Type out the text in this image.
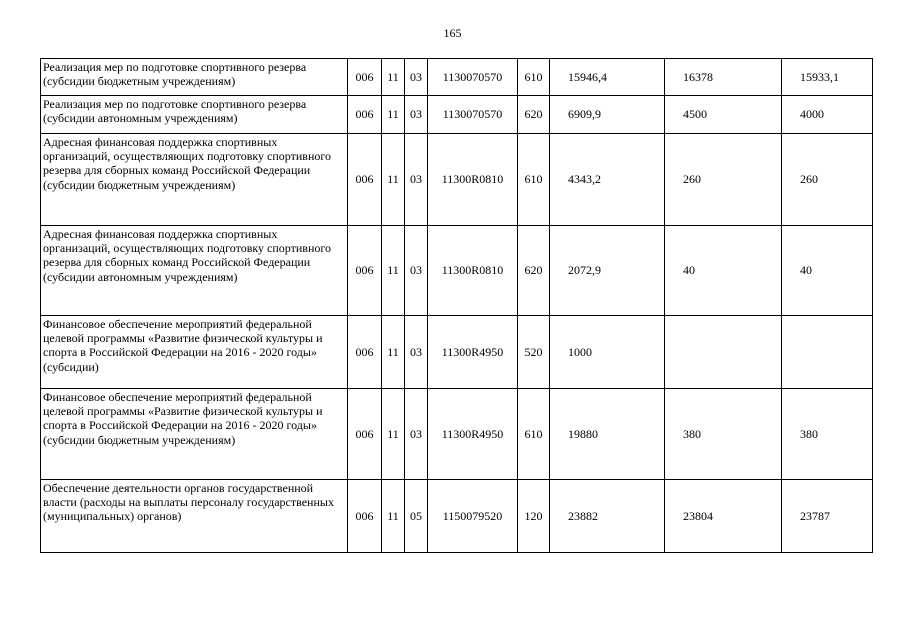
165
Реализация мер по подготовке спортивного резерва (субсидии бюджетным учреждениям)	006	11	03	1130070570	610	15946,4	16378	15933,1
Реализация мер по подготовке спортивного резерва (субсидии автономным учреждениям)	006	11	03	1130070570	620	6909,9	4500	4000
Адресная финансовая поддержка спортивных организаций, осуществляющих подготовку спортивного резерва для сборных команд Российской Федерации (субсидии бюджетным учреждениям)	006	11	03	11300R0810	610	4343,2	260	260
Адресная финансовая поддержка спортивных организаций, осуществляющих подготовку спортивного резерва для сборных команд Российской Федерации (субсидии автономным учреждениям)	006	11	03	11300R0810	620	2072,9	40	40
Финансовое обеспечение мероприятий федеральной целевой программы «Развитие физической культуры и спорта в Российской Федерации на 2016 - 2020 годы» (субсидии)	006	11	03	11300R4950	520	1000		
Финансовое обеспечение мероприятий федеральной целевой программы «Развитие физической культуры и спорта в Российской Федерации на 2016 - 2020 годы» (субсидии бюджетным учреждениям)	006	11	03	11300R4950	610	19880	380	380
Обеспечение деятельности органов государственной власти (расходы на выплаты персоналу государственных (муниципальных) органов)	006	11	05	1150079520	120	23882	23804	23787
